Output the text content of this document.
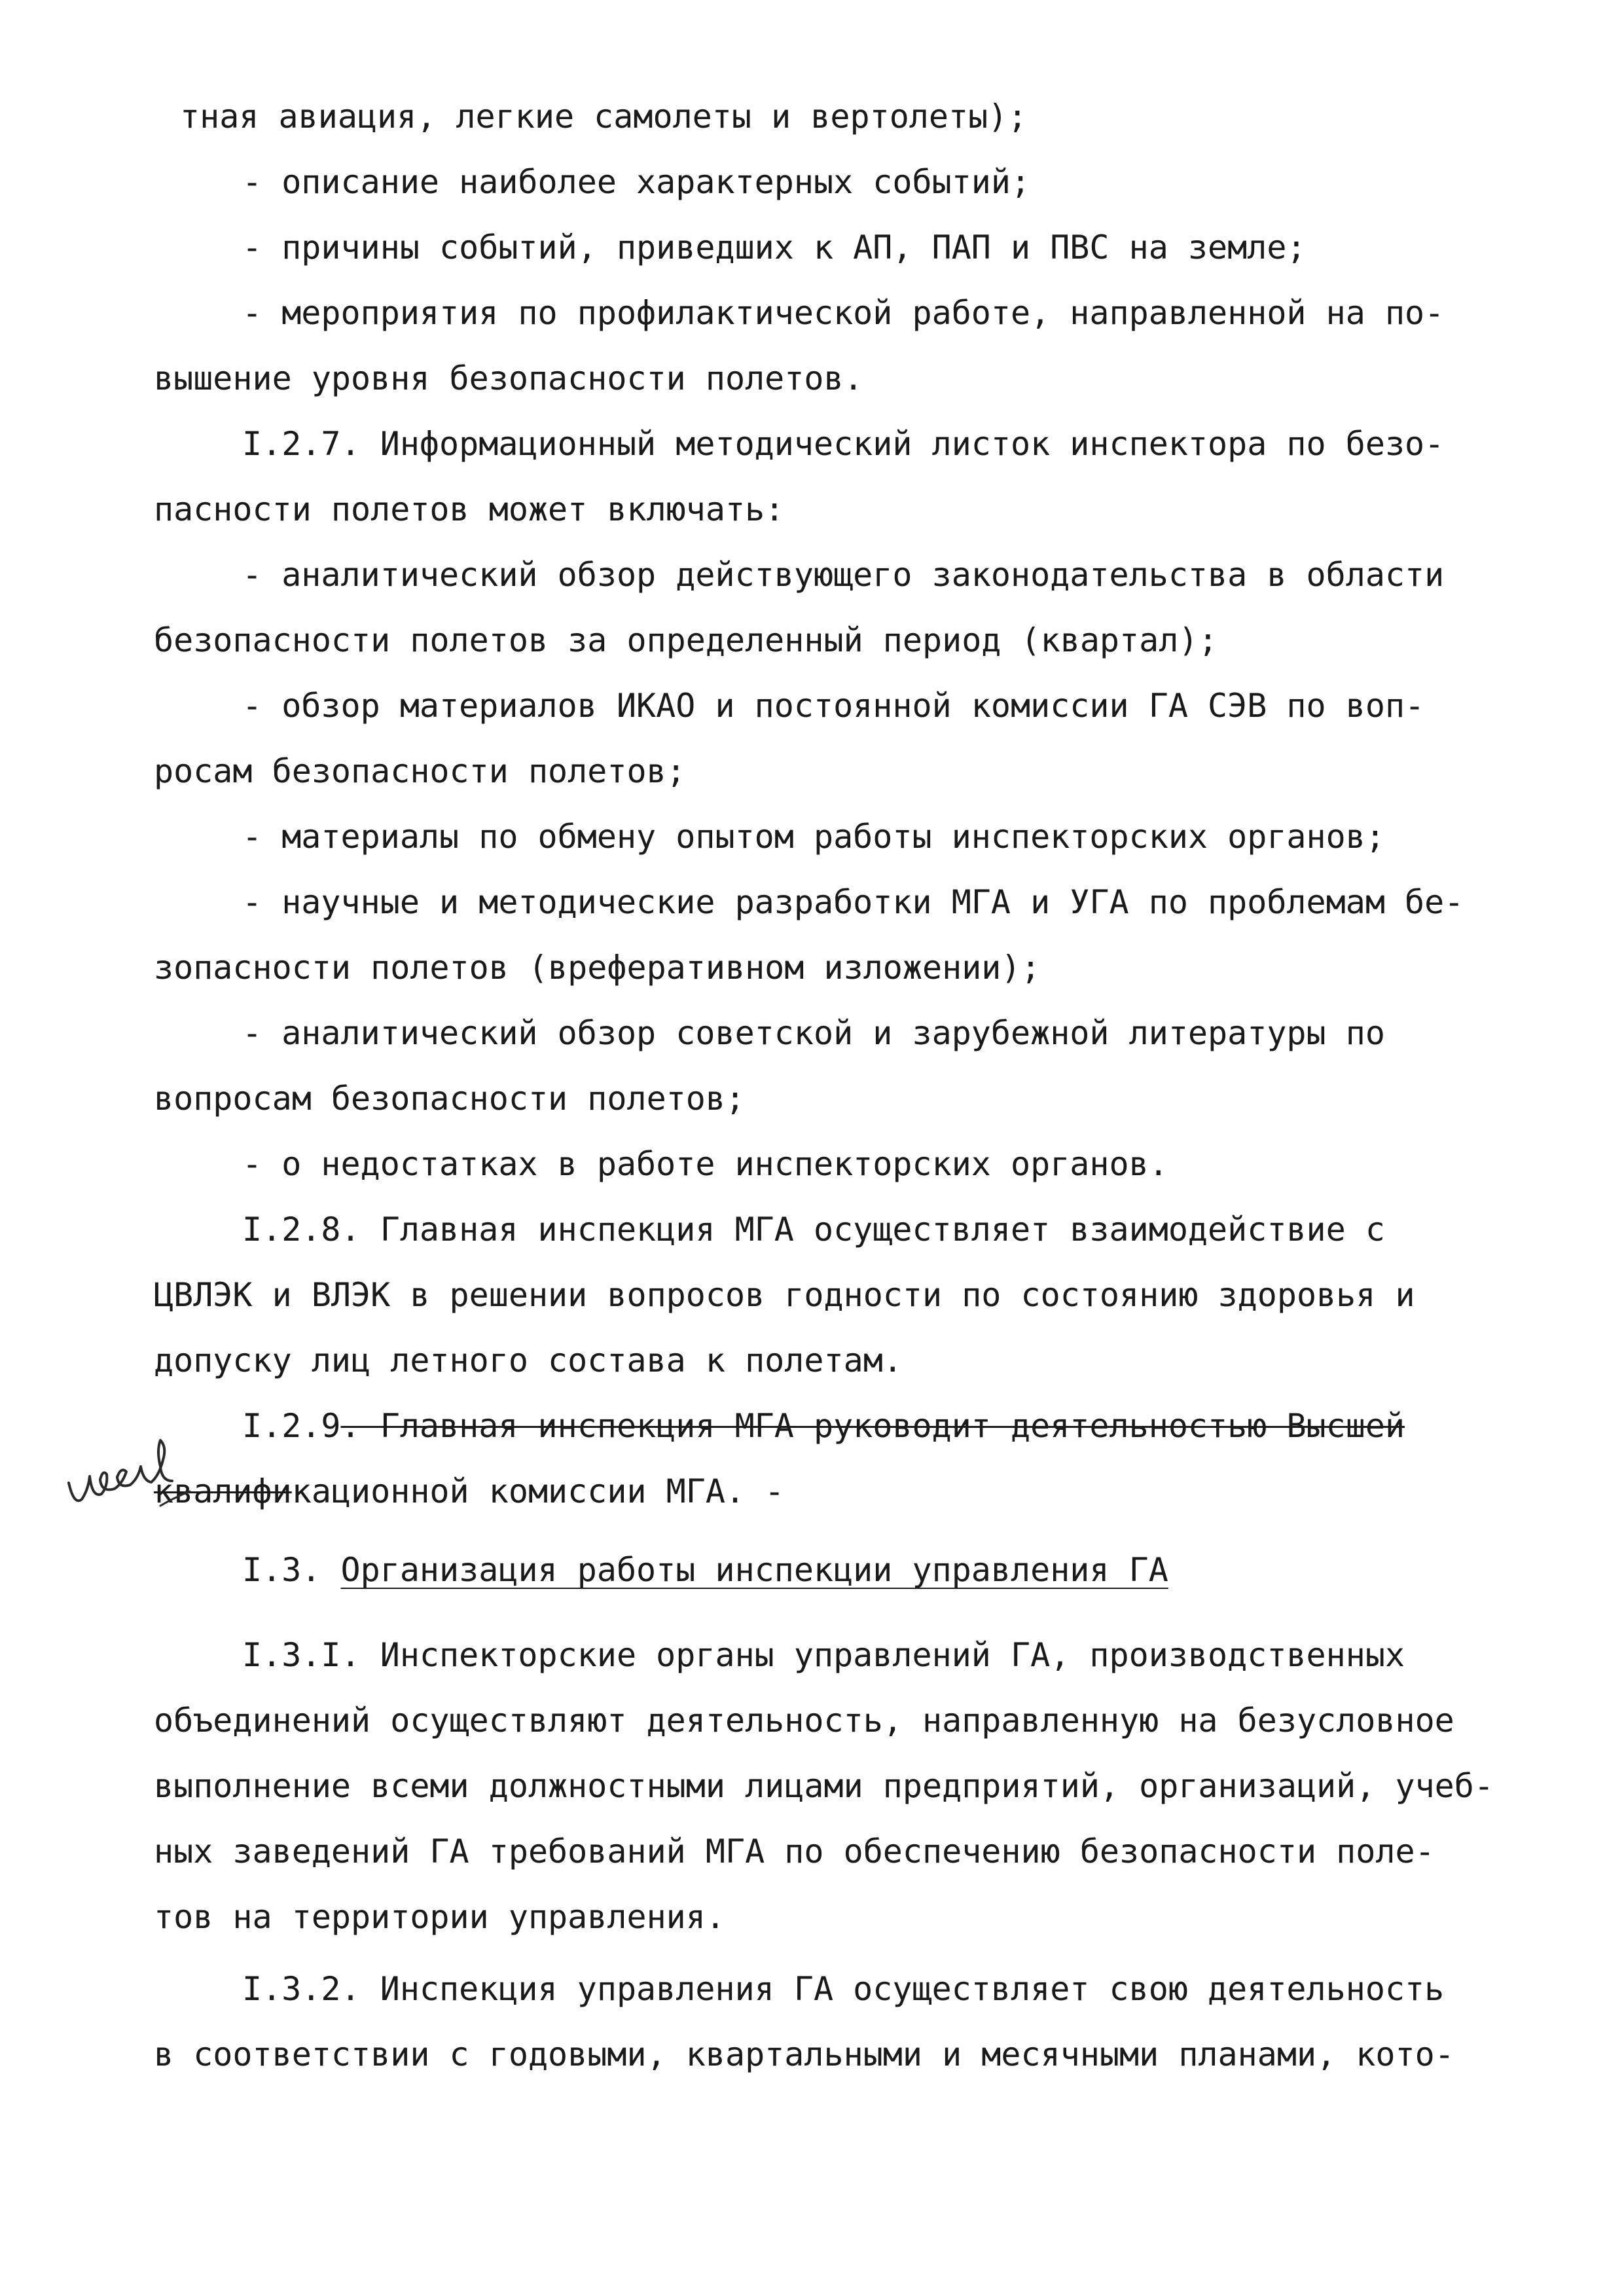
тная авиация, легкие самолеты и вертолеты);

- описание наиболее характерных событий;

- причины событий, приведших к АП, ПАП и ПВС на земле;

- мероприятия по профилактической работе, направленной на по-

вышение уровня безопасности полетов.

I.2.7. Информационный методический листок инспектора по безо-

пасности полетов может включать:

- аналитический обзор действующего законодательства в области

безопасности полетов за определенный период (квартал);

- обзор материалов ИКАО и постоянной комиссии ГА СЭВ по воп-

росам безопасности полетов;

- материалы по обмену опытом работы инспекторских органов;

- научные и методические разработки МГА и УГА по проблемам бе-

зопасности полетов (вреферативном изложении);

- аналитический обзор советской и зарубежной литературы по

вопросам безопасности полетов;

- о недостатках в работе инспекторских органов.

I.2.8. Главная инспекция МГА осуществляет взаимодействие с

ЦВЛЭК и ВЛЭК в решении вопросов годности по состоянию здоровья и

допуску лиц летного состава к полетам.

I.2.9. Главная инспекция МГА руководит деятельностью Высшей

квалификационной комиссии МГА. -

I.3. Организация работы инспекции управления ГА

I.3.I. Инспекторские органы управлений ГА, производственных

объединений осуществляют деятельность, направленную на безусловное

выполнение всеми должностными лицами предприятий, организаций, учеб-

ных заведений ГА требований МГА по обеспечению безопасности поле-

тов на территории управления.

I.3.2. Инспекция управления ГА осуществляет свою деятельность

в соответствии с годовыми, квартальными и месячными планами, кото-
